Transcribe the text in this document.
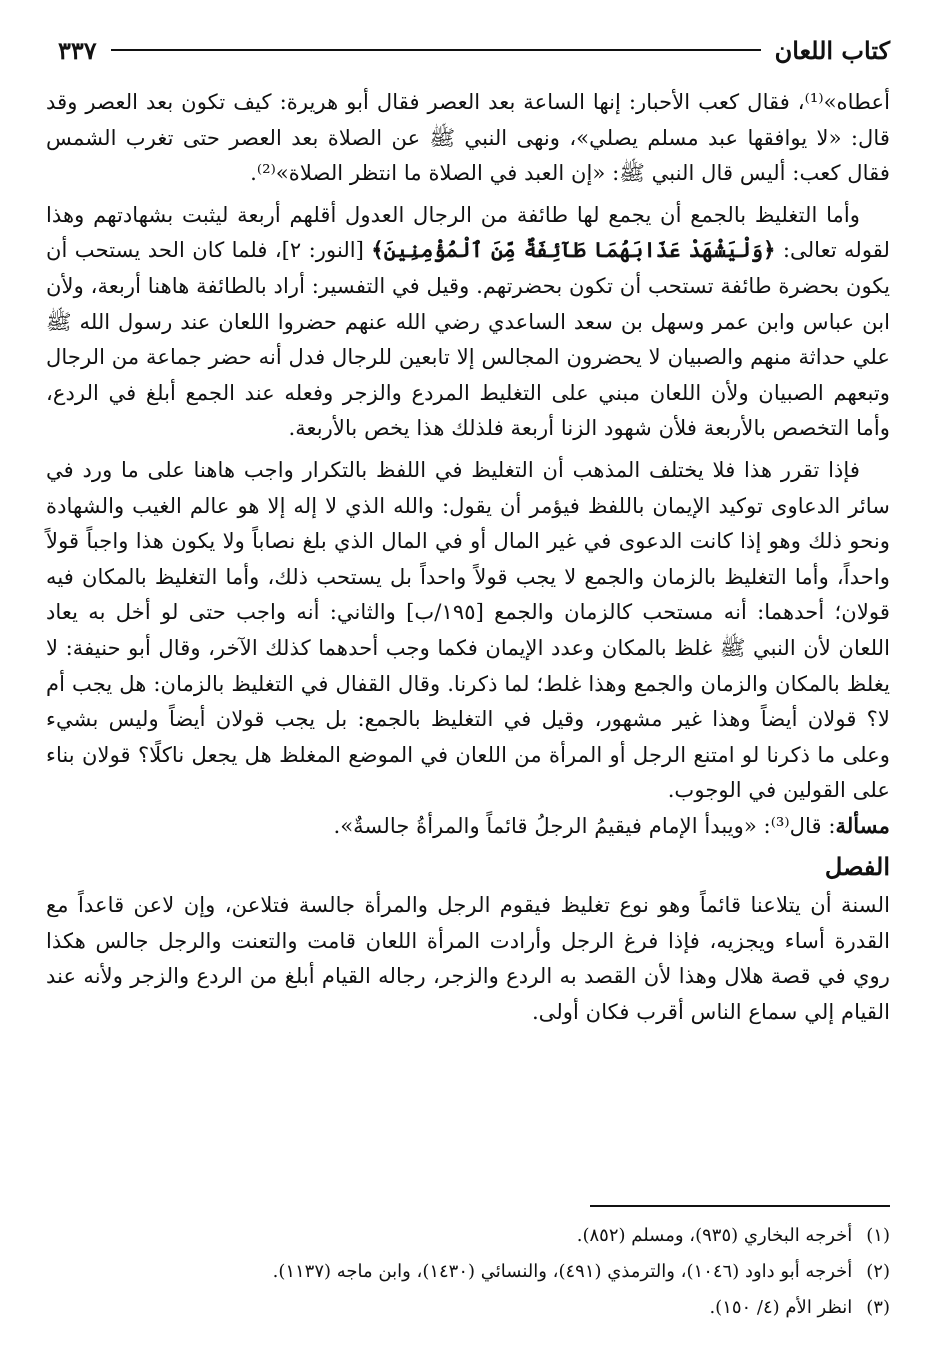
كتاب اللعان
٣٣٧

أعطاه»⁽¹⁾، فقال كعب الأحبار: إنها الساعة بعد العصر فقال أبو هريرة: كيف تكون بعد العصر وقد قال: «لا يوافقها عبد مسلم يصلي»، ونهى النبي ﷺ عن الصلاة بعد العصر حتى تغرب الشمس فقال كعب: أليس قال النبي ﷺ: «إن العبد في الصلاة ما انتظر الصلاة»⁽²⁾.

وأما التغليظ بالجمع أن يجمع لها طائفة من الرجال العدول أقلهم أربعة ليثبت بشهادتهم وهذا لقوله تعالى: ﴿وَلْيَشْهَدْ عَذَابَهُمَا طَآئِفَةٌ مِّنَ ٱلْمُؤْمِنِينَ﴾ [النور: ٢]، فلما كان الحد يستحب أن يكون بحضرة طائفة تستحب أن تكون بحضرتهم. وقيل في التفسير: أراد بالطائفة هاهنا أربعة، ولأن ابن عباس وابن عمر وسهل بن سعد الساعدي رضي الله عنهم حضروا اللعان عند رسول الله ﷺ علي حداثة منهم والصبيان لا يحضرون المجالس إلا تابعين للرجال فدل أنه حضر جماعة من الرجال وتبعهم الصبيان ولأن اللعان مبني على التغليط المردع والزجر وفعله عند الجمع أبلغ في الردع، وأما التخصص بالأربعة فلأن شهود الزنا أربعة فلذلك هذا يخص بالأربعة.

فإذا تقرر هذا فلا يختلف المذهب أن التغليظ في اللفظ بالتكرار واجب هاهنا على ما ورد في سائر الدعاوى توكيد الإيمان باللفظ فيؤمر أن يقول: والله الذي لا إله إلا هو عالم الغيب والشهادة ونحو ذلك وهو إذا كانت الدعوى في غير المال أو في المال الذي بلغ نصاباً ولا يكون هذا واجباً قولاً واحداً، وأما التغليظ بالزمان والجمع لا يجب قولاً واحداً بل يستحب ذلك، وأما التغليظ بالمكان فيه قولان؛ أحدهما: أنه مستحب كالزمان والجمع [١٩٥/ب] والثاني: أنه واجب حتى لو أخل به يعاد اللعان لأن النبي ﷺ غلظ بالمكان وعدد الإيمان فكما وجب أحدهما كذلك الآخر، وقال أبو حنيفة: لا يغلظ بالمكان والزمان والجمع وهذا غلط؛ لما ذكرنا. وقال القفال في التغليظ بالزمان: هل يجب أم لا؟ قولان أيضاً وهذا غير مشهور، وقيل في التغليظ بالجمع: بل يجب قولان أيضاً وليس بشيء وعلى ما ذكرنا لو امتنع الرجل أو المرأة من اللعان في الموضع المغلظ هل يجعل ناكلًا؟ قولان بناء على القولين في الوجوب.

مسألة: قال⁽³⁾: «ويبدأ الإمام فيقيمُ الرجلُ قائماً والمرأةُ جالسةٌ».

الفصل

السنة أن يتلاعنا قائماً وهو نوع تغليظ فيقوم الرجل والمرأة جالسة فتلاعن، وإن لاعن قاعداً مع القدرة أساء ويجزيه، فإذا فرغ الرجل وأرادت المرأة اللعان قامت والتعنت والرجل جالس هكذا روي في قصة هلال وهذا لأن القصد به الردع والزجر، رجاله القيام أبلغ من الردع والزجر ولأنه عند القيام إلي سماع الناس أقرب فكان أولى.

(١)
أخرجه البخاري (٩٣٥)، ومسلم (٨٥٢).
(٢)
أخرجه أبو داود (١٠٤٦)، والترمذي (٤٩١)، والنسائي (١٤٣٠)، وابن ماجه (١١٣٧).
(٣)
انظر الأم (٤/ ١٥٠).
